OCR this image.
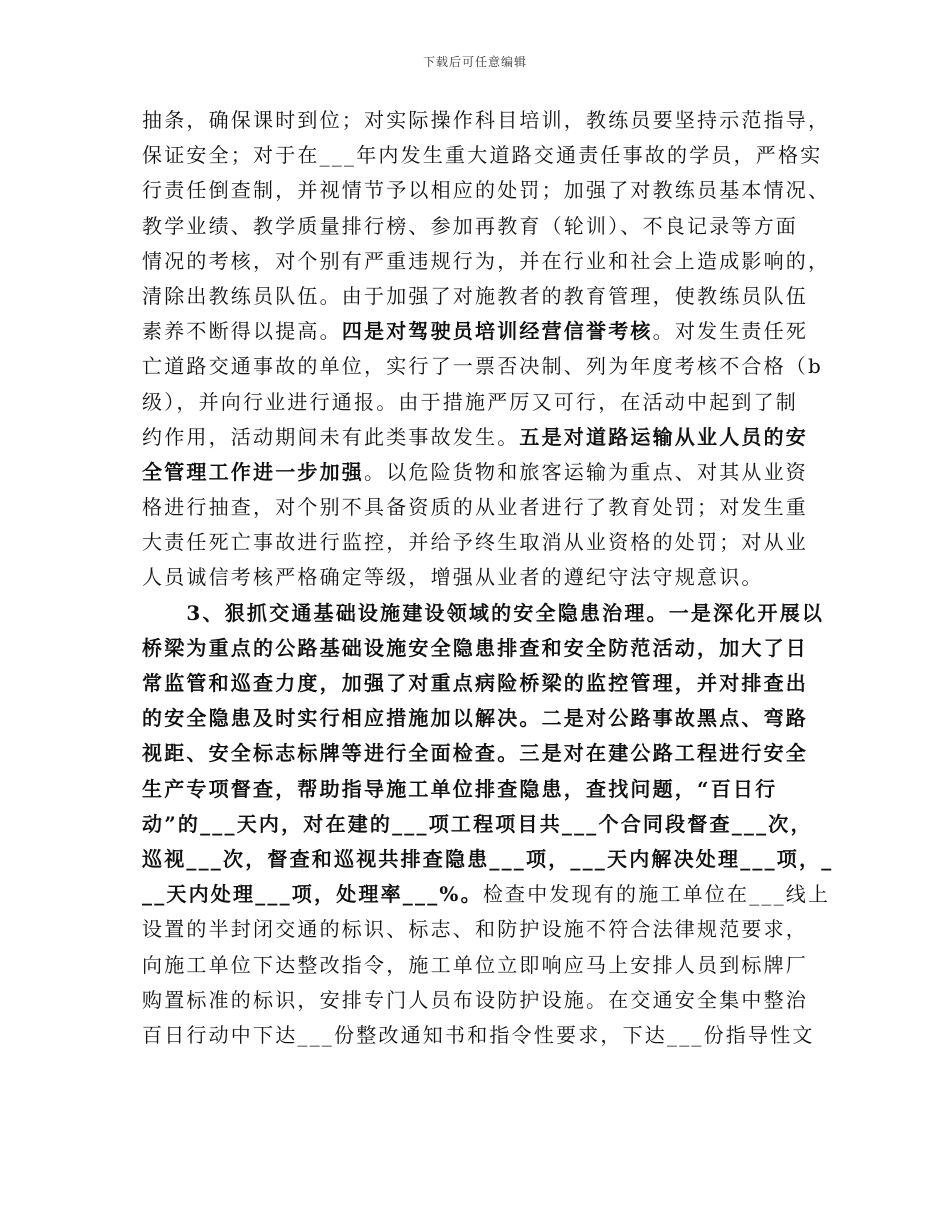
下载后可任意编辑
抽条，确保课时到位；对实际操作科目培训，教练员要坚持示范指导，
保证安全；对于在___年内发生重大道路交通责任事故的学员，严格实
行责任倒查制，并视情节予以相应的处罚；加强了对教练员基本情况、
教学业绩、教学质量排行榜、参加再教育（轮训）、不良记录等方面
情况的考核，对个别有严重违规行为，并在行业和社会上造成影响的，
清除出教练员队伍。由于加强了对施教者的教育管理，使教练员队伍
素养不断得以提高。四是对驾驶员培训经营信誉考核。对发生责任死
亡道路交通事故的单位，实行了一票否决制、列为年度考核不合格（b
级），并向行业进行通报。由于措施严厉又可行，在活动中起到了制
约作用，活动期间未有此类事故发生。五是对道路运输从业人员的安
全管理工作进一步加强。以危险货物和旅客运输为重点、对其从业资
格进行抽查，对个别不具备资质的从业者进行了教育处罚；对发生重
大责任死亡事故进行监控，并给予终生取消从业资格的处罚；对从业
人员诚信考核严格确定等级，增强从业者的遵纪守法守规意识。
　　3、狠抓交通基础设施建设领域的安全隐患治理。一是深化开展以
桥梁为重点的公路基础设施安全隐患排查和安全防范活动，加大了日
常监管和巡查力度，加强了对重点病险桥梁的监控管理，并对排查出
的安全隐患及时实行相应措施加以解决。二是对公路事故黑点、弯路
视距、安全标志标牌等进行全面检查。三是对在建公路工程进行安全
生产专项督查，帮助指导施工单位排查隐患，查找问题，“百日行
动”的___天内，对在建的___项工程项目共___个合同段督查___次，
巡视___次，督查和巡视共排查隐患___项，___天内解决处理___项，_
__天内处理___项，处理率___%。检查中发现有的施工单位在___线上
设置的半封闭交通的标识、标志、和防护设施不符合法律规范要求，
向施工单位下达整改指令，施工单位立即响应马上安排人员到标牌厂
购置标准的标识，安排专门人员布设防护设施。在交通安全集中整治
百日行动中下达___份整改通知书和指令性要求，下达___份指导性文
